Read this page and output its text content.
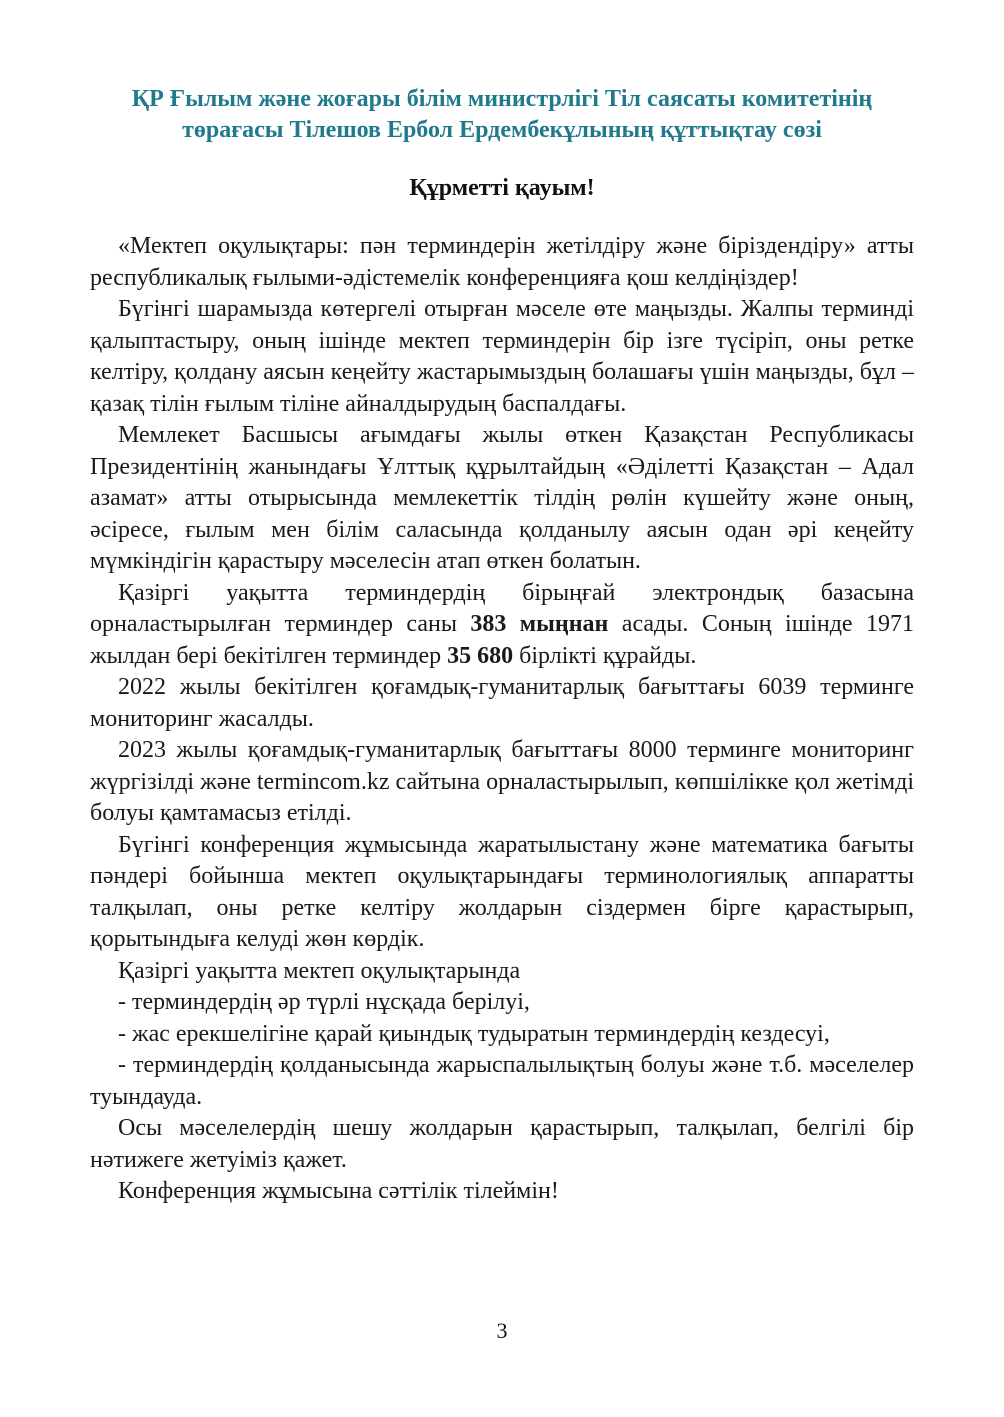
ҚР Ғылым және жоғары білім министрлігі Тіл саясаты комитетінің
төрағасы Тілешов Ербол Ердембекұлының құттықтау сөзі
Құрметті қауым!

«Мектеп оқулықтары: пән терминдерін жетілдіру және біріздендіру» атты республикалық ғылыми-әдістемелік конференцияға қош келдіңіздер!

Бүгінгі шарамызда көтергелі отырған мәселе өте маңызды. Жалпы терминді қалыптастыру, оның ішінде мектеп терминдерін бір ізге түсіріп, оны ретке келтіру, қолдану аясын кеңейту жастарымыздың болашағы үшін маңызды, бұл – қазақ тілін ғылым тіліне айналдырудың баспалдағы.

Мемлекет Басшысы ағымдағы жылы өткен Қазақстан Республикасы Президентінің жанындағы Ұлттық құрылтайдың «Әділетті Қазақстан – Адал азамат» атты отырысында мемлекеттік тілдің рөлін күшейту және оның, әсіресе, ғылым мен білім саласында қолданылу аясын одан әрі кеңейту мүмкіндігін қарастыру мәселесін атап өткен болатын.

Қазіргі уақытта терминдердің бірыңғай электрондық базасына орналастырылған терминдер саны 383 мыңнан асады. Соның ішінде 1971 жылдан бері бекітілген терминдер 35 680 бірлікті құрайды.

2022 жылы бекітілген қоғамдық-гуманитарлық бағыттағы 6039 терминге мониторинг жасалды.

2023 жылы қоғамдық-гуманитарлық бағыттағы 8000 терминге мониторинг жүргізілді және termincom.kz сайтына орналастырылып, көпшілікке қол жетімді болуы қамтамасыз етілді.

Бүгінгі конференция жұмысында жаратылыстану және математика бағыты пәндері бойынша мектеп оқулықтарындағы терминологиялық аппаратты талқылап, оны ретке келтіру жолдарын сіздермен бірге қарастырып, қорытындыға келуді жөн көрдік.

Қазіргі уақытта мектеп оқулықтарында

- терминдердің әр түрлі нұсқада берілуі,

- жас ерекшелігіне қарай қиындық тудыратын терминдердің кездесуі,

- терминдердің қолданысында жарыспалылықтың болуы және т.б. мәселелер туындауда.

Осы мәселелердің шешу жолдарын қарастырып, талқылап, белгілі бір нәтижеге жетуіміз қажет.

Конференция жұмысына сәттілік тілеймін!

3
